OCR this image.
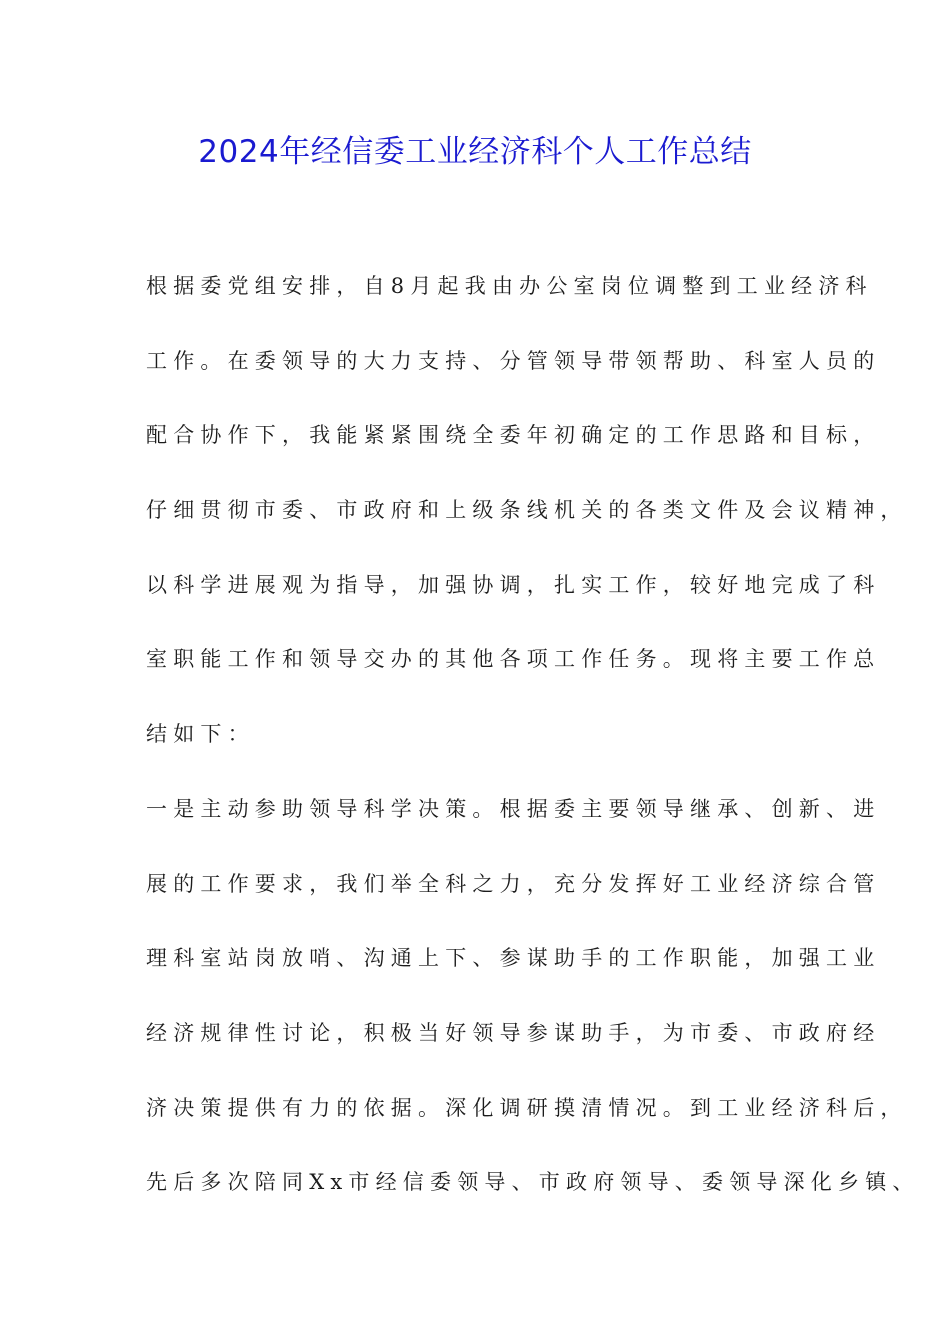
2024年经信委工业经济科个人工作总结
根据委党组安排，自8月起我由办公室岗位调整到工业经济科
工作。在委领导的大力支持、分管领导带领帮助、科室人员的
配合协作下，我能紧紧围绕全委年初确定的工作思路和目标，
仔细贯彻市委、市政府和上级条线机关的各类文件及会议精神，
以科学进展观为指导，加强协调，扎实工作，较好地完成了科
室职能工作和领导交办的其他各项工作任务。现将主要工作总
结如下：
一是主动参助领导科学决策。根据委主要领导继承、创新、进
展的工作要求，我们举全科之力，充分发挥好工业经济综合管
理科室站岗放哨、沟通上下、参谋助手的工作职能，加强工业
经济规律性讨论，积极当好领导参谋助手，为市委、市政府经
济决策提供有力的依据。深化调研摸清情况。到工业经济科后，
先后多次陪同Xx市经信委领导、市政府领导、委领导深化乡镇、
